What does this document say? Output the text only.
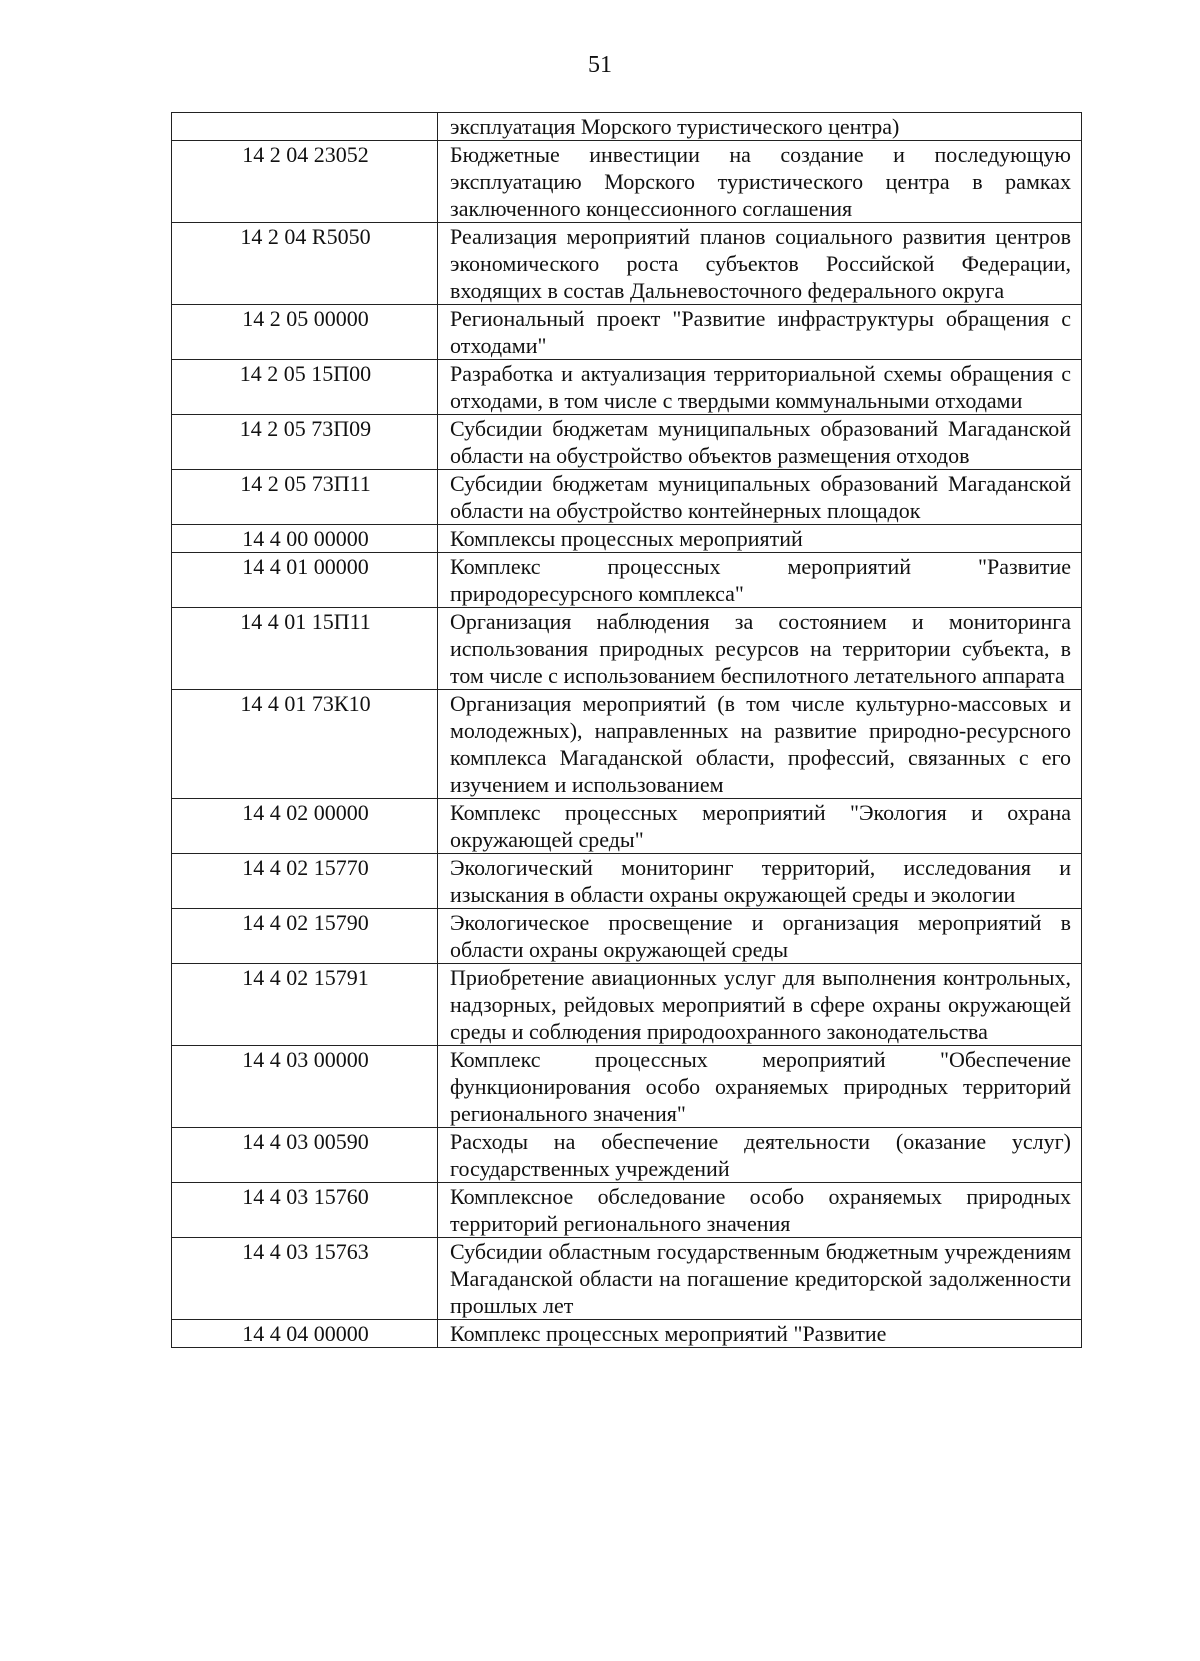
51
	эксплуатация Морского туристического центра)
14 2 04 23052	Бюджетные инвестиции на создание и последующую эксплуатацию Морского туристического центра в рамках заключенного концессионного соглашения
14 2 04 R5050	Реализация мероприятий планов социального развития центров экономического роста субъектов Российской Федерации, входящих в состав Дальневосточного федерального округа
14 2 05 00000	Региональный проект "Развитие инфраструктуры обращения с отходами"
14 2 05 15П00	Разработка и актуализация территориальной схемы обращения с отходами, в том числе с твердыми коммунальными отходами
14 2 05 73П09	Субсидии бюджетам муниципальных образований Магаданской области на обустройство объектов размещения отходов
14 2 05 73П11	Субсидии бюджетам муниципальных образований Магаданской области на обустройство контейнерных площадок
14 4 00 00000	Комплексы процессных мероприятий
14 4 01 00000	Комплекс процессных мероприятий "Развитие природоресурсного комплекса"
14 4 01 15П11	Организация наблюдения за состоянием и мониторинга использования природных ресурсов на территории субъекта, в том числе с использованием беспилотного летательного аппарата
14 4 01 73К10	Организация мероприятий (в том числе культурно-массовых и молодежных), направленных на развитие природно-ресурсного комплекса Магаданской области, профессий, связанных с его изучением и использованием
14 4 02 00000	Комплекс процессных мероприятий "Экология и охрана окружающей среды"
14 4 02 15770	Экологический мониторинг территорий, исследования и изыскания в области охраны окружающей среды и экологии
14 4 02 15790	Экологическое просвещение и организация мероприятий в области охраны окружающей среды
14 4 02 15791	Приобретение авиационных услуг для выполнения контрольных, надзорных, рейдовых мероприятий в сфере охраны окружающей среды и соблюдения природоохранного законодательства
14 4 03 00000	Комплекс процессных мероприятий "Обеспечение функционирования особо охраняемых природных территорий регионального значения"
14 4 03 00590	Расходы на обеспечение деятельности (оказание услуг) государственных учреждений
14 4 03 15760	Комплексное обследование особо охраняемых природных территорий регионального значения
14 4 03 15763	Субсидии областным государственным бюджетным учреждениям Магаданской области на погашение кредиторской задолженности прошлых лет
14 4 04 00000	Комплекс процессных мероприятий "Развитие
